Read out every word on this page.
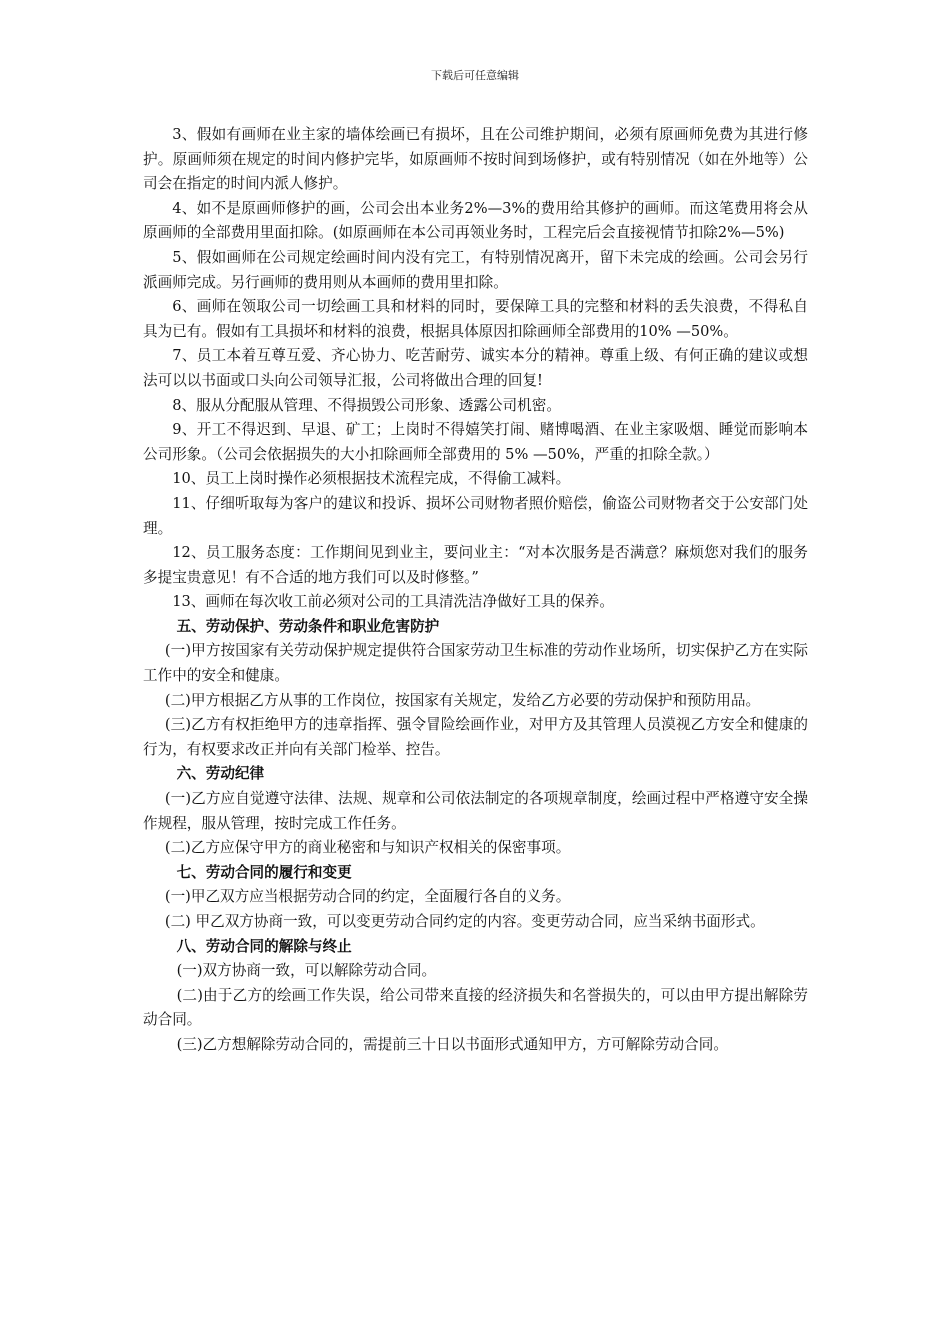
下载后可任意编辑

3、假如有画师在业主家的墙体绘画已有损坏，且在公司维护期间，必须有原画师免费为其进行修护。原画师须在规定的时间内修护完毕，如原画师不按时间到场修护，或有特别情况（如在外地等）公司会在指定的时间内派人修护。

4、如不是原画师修护的画，公司会出本业务2%—3%的费用给其修护的画师。而这笔费用将会从原画师的全部费用里面扣除。(如原画师在本公司再领业务时，工程完后会直接视情节扣除2%—5%)

5、假如画师在公司规定绘画时间内没有完工，有特别情况离开，留下未完成的绘画。公司会另行派画师完成。另行画师的费用则从本画师的费用里扣除。

6、画师在领取公司一切绘画工具和材料的同时，要保障工具的完整和材料的丢失浪费，不得私自具为已有。假如有工具损坏和材料的浪费，根据具体原因扣除画师全部费用的10% —50%。

7、员工本着互尊互爱、齐心协力、吃苦耐劳、诚实本分的精神。尊重上级、有何正确的建议或想法可以以书面或口头向公司领导汇报，公司将做出合理的回复!

8、服从分配服从管理、不得损毁公司形象、透露公司机密。

9、开工不得迟到、早退、矿工；上岗时不得嬉笑打闹、赌博喝酒、在业主家吸烟、睡觉而影响本公司形象。（公司会依据损失的大小扣除画师全部费用的 5% —50%，严重的扣除全款。）

10、员工上岗时操作必须根据技术流程完成，不得偷工减料。

11、仔细听取每为客户的建议和投诉、损坏公司财物者照价赔偿，偷盗公司财物者交于公安部门处理。

12、员工服务态度：工作期间见到业主，要问业主：“对本次服务是否满意？麻烦您对我们的服务多提宝贵意见！有不合适的地方我们可以及时修整。”

13、画师在每次收工前必须对公司的工具清洗洁净做好工具的保养。

五、劳动保护、劳动条件和职业危害防护

(一)甲方按国家有关劳动保护规定提供符合国家劳动卫生标准的劳动作业场所，切实保护乙方在实际工作中的安全和健康。

(二)甲方根据乙方从事的工作岗位，按国家有关规定，发给乙方必要的劳动保护和预防用品。

(三)乙方有权拒绝甲方的违章指挥、强令冒险绘画作业，对甲方及其管理人员漠视乙方安全和健康的行为，有权要求改正并向有关部门检举、控告。

六、劳动纪律

(一)乙方应自觉遵守法律、法规、规章和公司依法制定的各项规章制度，绘画过程中严格遵守安全操作规程，服从管理，按时完成工作任务。

(二)乙方应保守甲方的商业秘密和与知识产权相关的保密事项。

七、劳动合同的履行和变更

(一)甲乙双方应当根据劳动合同的约定，全面履行各自的义务。

(二) 甲乙双方协商一致，可以变更劳动合同约定的内容。变更劳动合同，应当采纳书面形式。

八、劳动合同的解除与终止

(一)双方协商一致，可以解除劳动合同。

(二)由于乙方的绘画工作失误，给公司带来直接的经济损失和名誉损失的，可以由甲方提出解除劳动合同。

(三)乙方想解除劳动合同的，需提前三十日以书面形式通知甲方，方可解除劳动合同。
